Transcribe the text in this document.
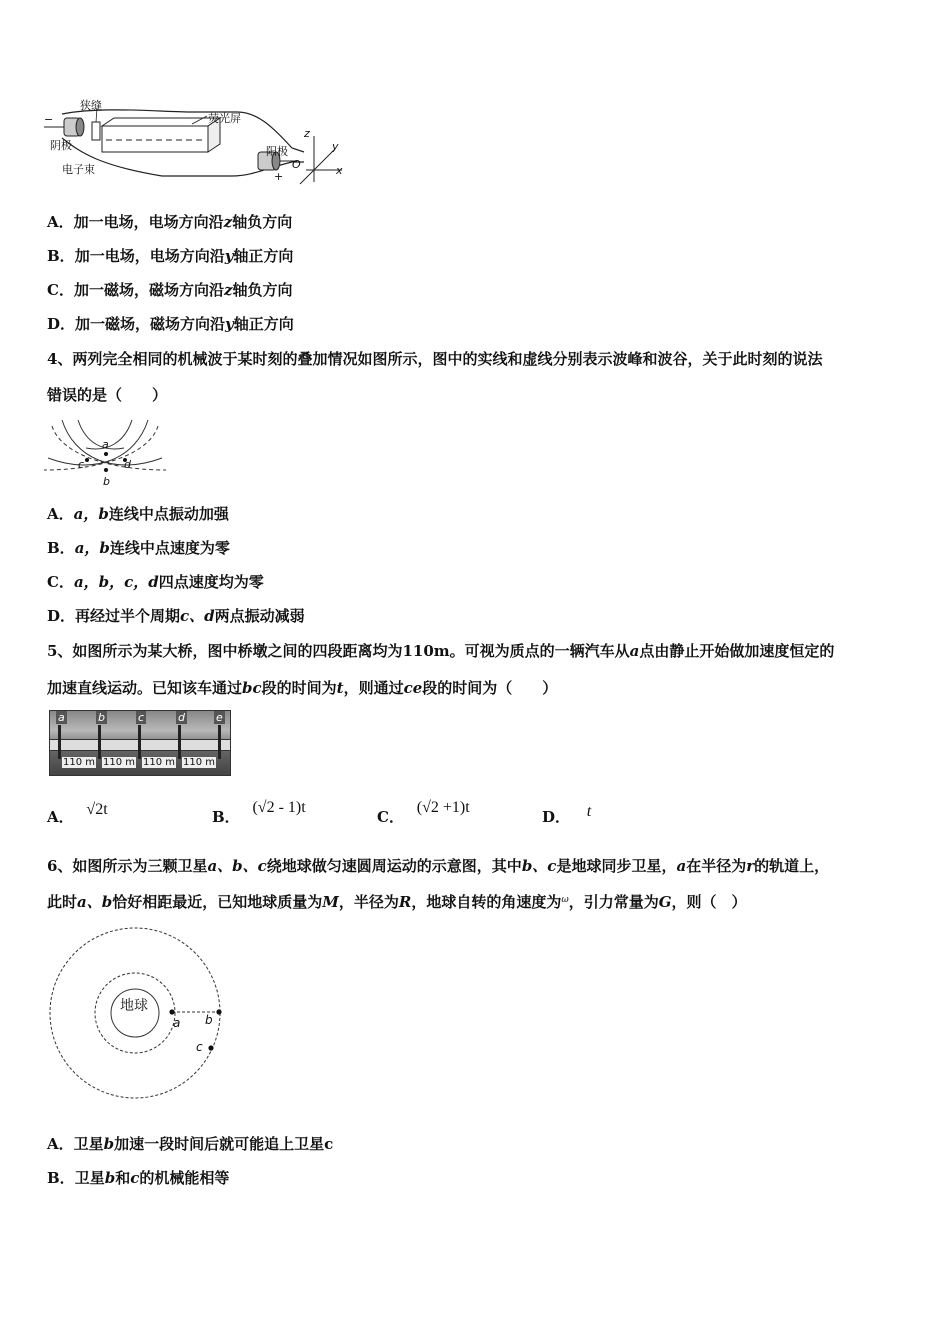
狭缝
荧光屏
阴极
电子束
阳极
−
+
z
y
x
O
A．加一电场，电场方向沿z轴负方向
B．加一电场，电场方向沿y轴正方向
C．加一磁场，磁场方向沿z轴负方向
D．加一磁场，磁场方向沿y轴正方向
4、两列完全相同的机械波于某时刻的叠加情况如图所示，图中的实线和虚线分别表示波峰和波谷，关于此时刻的说法
错误的是（　　）
a
c	d
b
A．a，b连线中点振动加强
B．a，b连线中点速度为零
C．a，b，c，d四点速度均为零
D．再经过半个周期c、d两点振动减弱
5、如图所示为某大桥，图中桥墩之间的四段距离均为110m。可视为质点的一辆汽车从a点由静止开始做加速度恒定的
加速直线运动。已知该车通过bc段的时间为t，则通过ce段的时间为（　　）
a	b	c	d	e
110 m 110 m 110 m 110 m
A． √2t	B． (√2 - 1)t
C． (√2 +1)t
D． t
6、如图所示为三颗卫星a、b、c绕地球做匀速圆周运动的示意图，其中b、c是地球同步卫星，a在半径为r的轨道上，
此时a、b恰好相距最近，已知地球质量为M，半径为R，地球自转的角速度为$^\omega$，引力常量为G，则（　）
地球
a b
c
A．卫星b加速一段时间后就可能追上卫星c
B．卫星b和c的机械能相等
